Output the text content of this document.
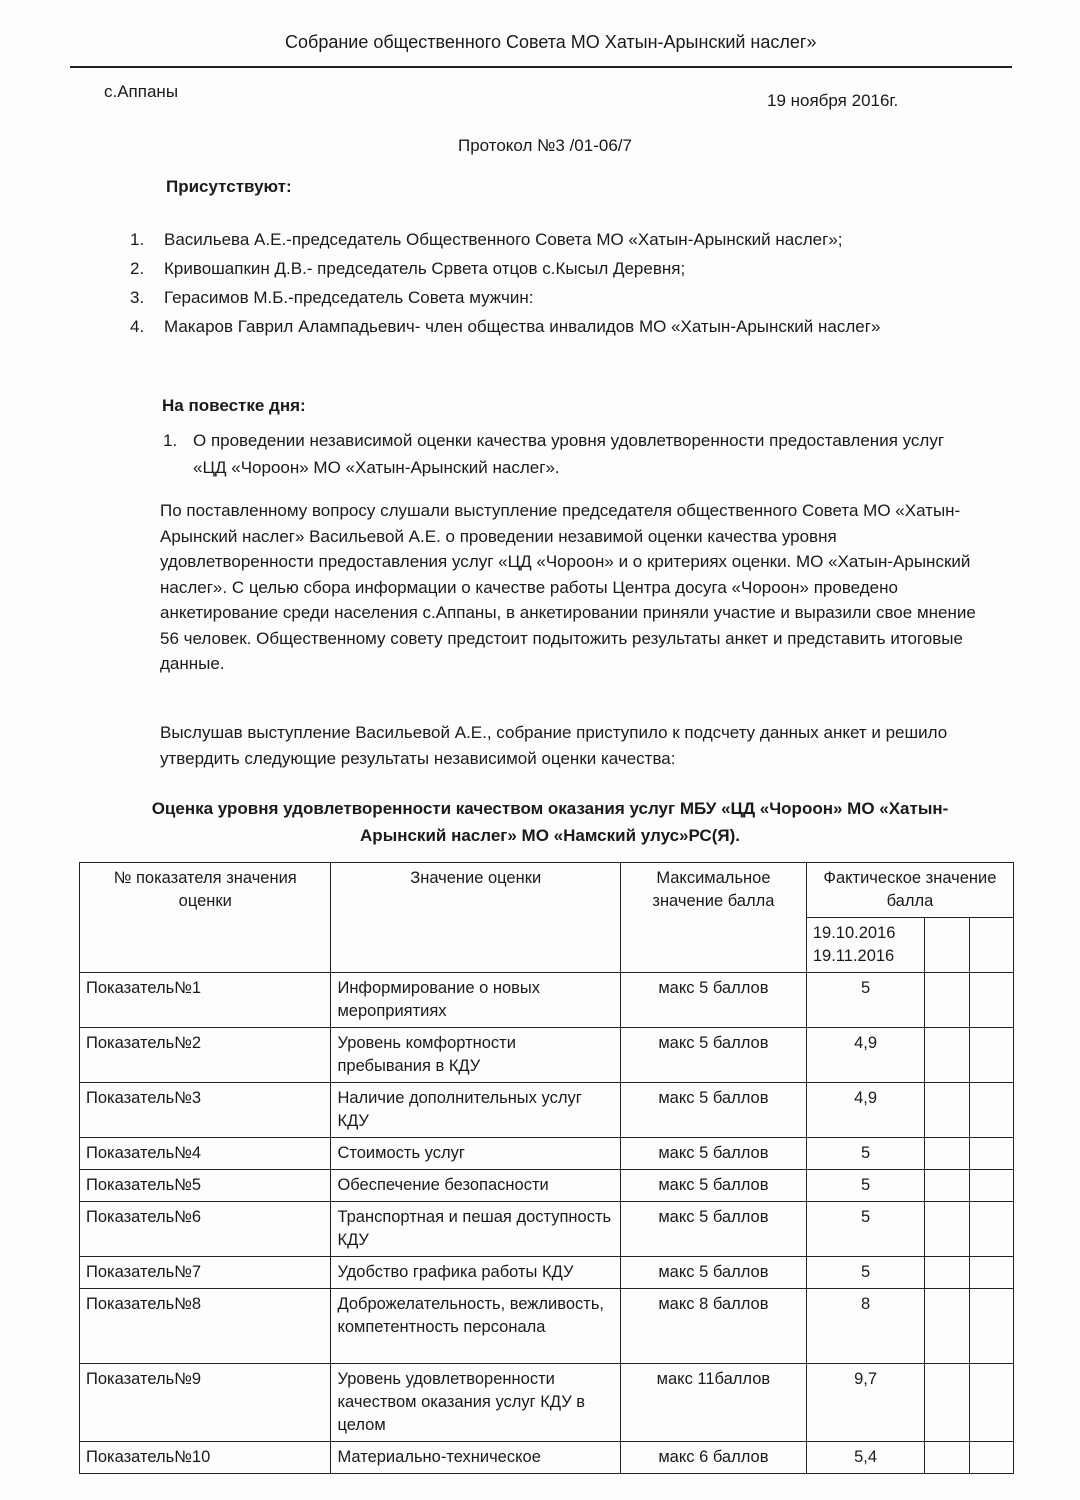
Собрание общественного Совета МО Хатын-Арынский наслег»
с.Аппаны	19 ноября 2016г.
Протокол №3 /01-06/7
Присутствуют:
1. Васильева А.Е.-председатель Общественного Совета МО «Хатын-Арынский наслег»;
2. Кривошапкин Д.В.- председатель Срвета отцов с.Кысыл Деревня;
3. Герасимов М.Б.-председатель Совета мужчин:
4. Макаров Гаврил Алампадьевич- член общества инвалидов МО «Хатын-Арынский наслег»
На повестке дня:
1. О проведении независимой оценки качества уровня удовлетворенности предоставления услуг
«ЦД «Чороон» МО «Хатын-Арынский наслег».
По поставленному вопросу слушали выступление председателя общественного Совета МО «Хатын-Арынский наслег» Васильевой А.Е. о проведении незавимой оценки качества уровня удовлетворенности предоставления услуг «ЦД «Чороон» и о критериях оценки. МО «Хатын-Арынский наслег». С целью сбора информации о качестве работы Центра досуга «Чороон» проведено анкетирование среди населения с.Аппаны, в анкетировании приняли участие и выразили свое мнение 56 человек. Общественному совету предстоит подытожить результаты анкет и представить итоговые данные.
Выслушав выступление Васильевой А.Е., собрание приступило к подсчету данных анкет и решило утвердить следующие результаты независимой оценки качества:
Оценка уровня удовлетворенности качеством оказания услуг МБУ «ЦД «Чороон» МО «Хатын-
Арынский наслег» МО «Намский улус»РС(Я).
№ показателя значения оценки	Значение оценки	Максимальное значение балла	Фактическое значение балла		
			19.10.2016 19.11.2016		
Показатель№1	Информирование о новых мероприятиях	макс 5 баллов	5		
Показатель№2	Уровень комфортности пребывания в КДУ	макс 5 баллов	4,9		
Показатель№3	Наличие дополнительных услуг КДУ	макс 5 баллов	4,9		
Показатель№4	Стоимость услуг	макс 5 баллов	5		
Показатель№5	Обеспечение безопасности	макс 5 баллов	5		
Показатель№6	Транспортная и пешая доступность КДУ	макс 5 баллов	5		
Показатель№7	Удобство графика работы КДУ	макс 5 баллов	5		
Показатель№8	Доброжелательность, вежливость, компетентность персонала	макс 8 баллов	8		
Показатель№9	Уровень удовлетворенности качеством оказания услуг КДУ в целом	макс 11баллов	9,7		
Показатель№10	Материально-техническое	макс 6 баллов	5,4		
